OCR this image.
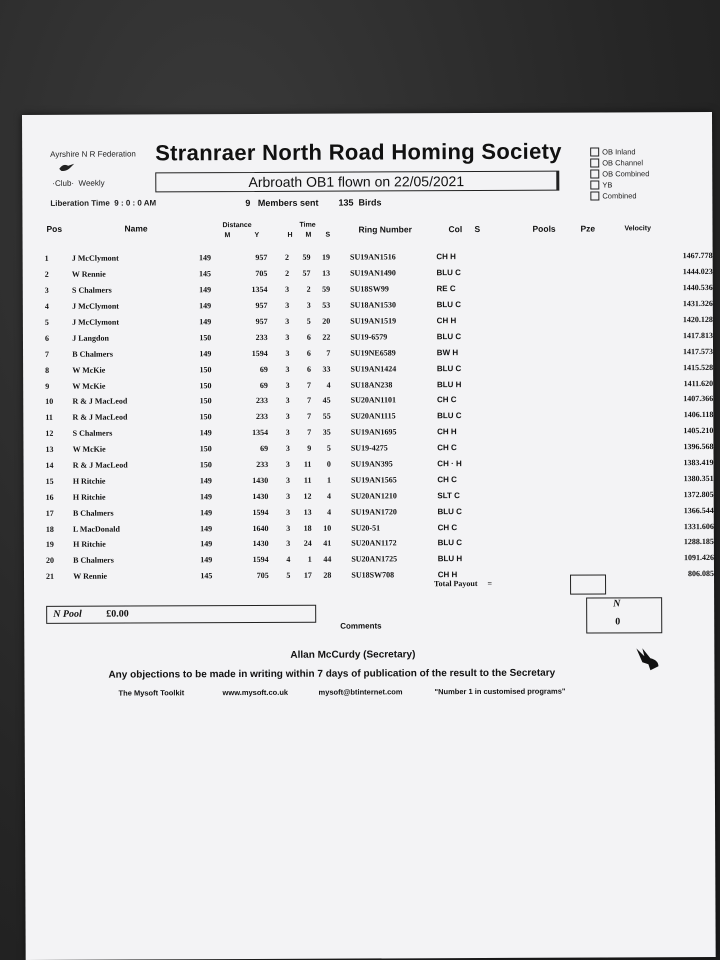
Ayrshire N R Federation Stranraer North Road Homing Society
Arbroath OB1 flown on 22/05/2021
·Club· Weekly
Liberation Time 9 : 0 : 0 AM	9 Members sent 135 Birds
OB Inland
OB Channel
OB Combined
YB
Combined
Pos	Name	Distance
M	Y
Time
H M S
Ring Number	Col S	Pools	Pze	Velocity
1	J McClymont	149	957	2	59	19	SU19AN1516	CH H	1467.778
2	W Rennie	145	705	2	57	13	SU19AN1490	BLU C	1444.023
3	S Chalmers	149	1354	3	2	59	SU18SW99	RE C	1440.536
4	J McClymont	149	957	3	3	53	SU18AN1530	BLU C	1431.326
5	J McClymont	149	957	3	5	20	SU19AN1519	CH H	1420.128
6	J Langdon	150	233	3	6	22	SU19-6579	BLU C	1417.813
7	B Chalmers	149	1594	3	6	7	SU19NE6589	BW H	1417.573
8	W McKie	150	69	3	6	33	SU19AN1424	BLU C	1415.528
9	W McKie	150	69	3	7	4	SU18AN238	BLU H	1411.620
10	R & J MacLeod	150	233	3	7	45	SU20AN1101	CH C	1407.366
11	R & J MacLeod	150	233	3	7	55	SU20AN1115	BLU C	1406.118
12	S Chalmers	149	1354	3	7	35	SU19AN1695	CH H	1405.210
13	W McKie	150	69	3	9	5	SU19-4275	CH C	1396.568
14	R & J MacLeod	150	233	3	11	0	SU19AN395	CH · H	1383.419
15	H Ritchie	149	1430	3	11	1	SU19AN1565	CH C	1380.351
16	H Ritchie	149	1430	3	12	4	SU20AN1210	SLT C	1372.805
17	B Chalmers	149	1594	3	13	4	SU19AN1720	BLU C	1366.544
18	L MacDonald	149	1640	3	18	10	SU20-51	CH C	1331.606
19	H Ritchie	149	1430	3	24	41	SU20AN1172	BLU C	1288.185
20	B Chalmers	149	1594	4	1	44	SU20AN1725	BLU H	1091.426
21	W Rennie	145	705	5	17	28	SU18SW708	CH H	806.085
Total Payout =
N Pool £0.00
Comments
N
0
Allan McCurdy (Secretary)
Any objections to be made in writing within 7 days of publication of the result to the Secretary
The Mysoft Toolkit	www.mysoft.co.uk	mysoft@btinternet.com	"Number 1 in customised programs"
